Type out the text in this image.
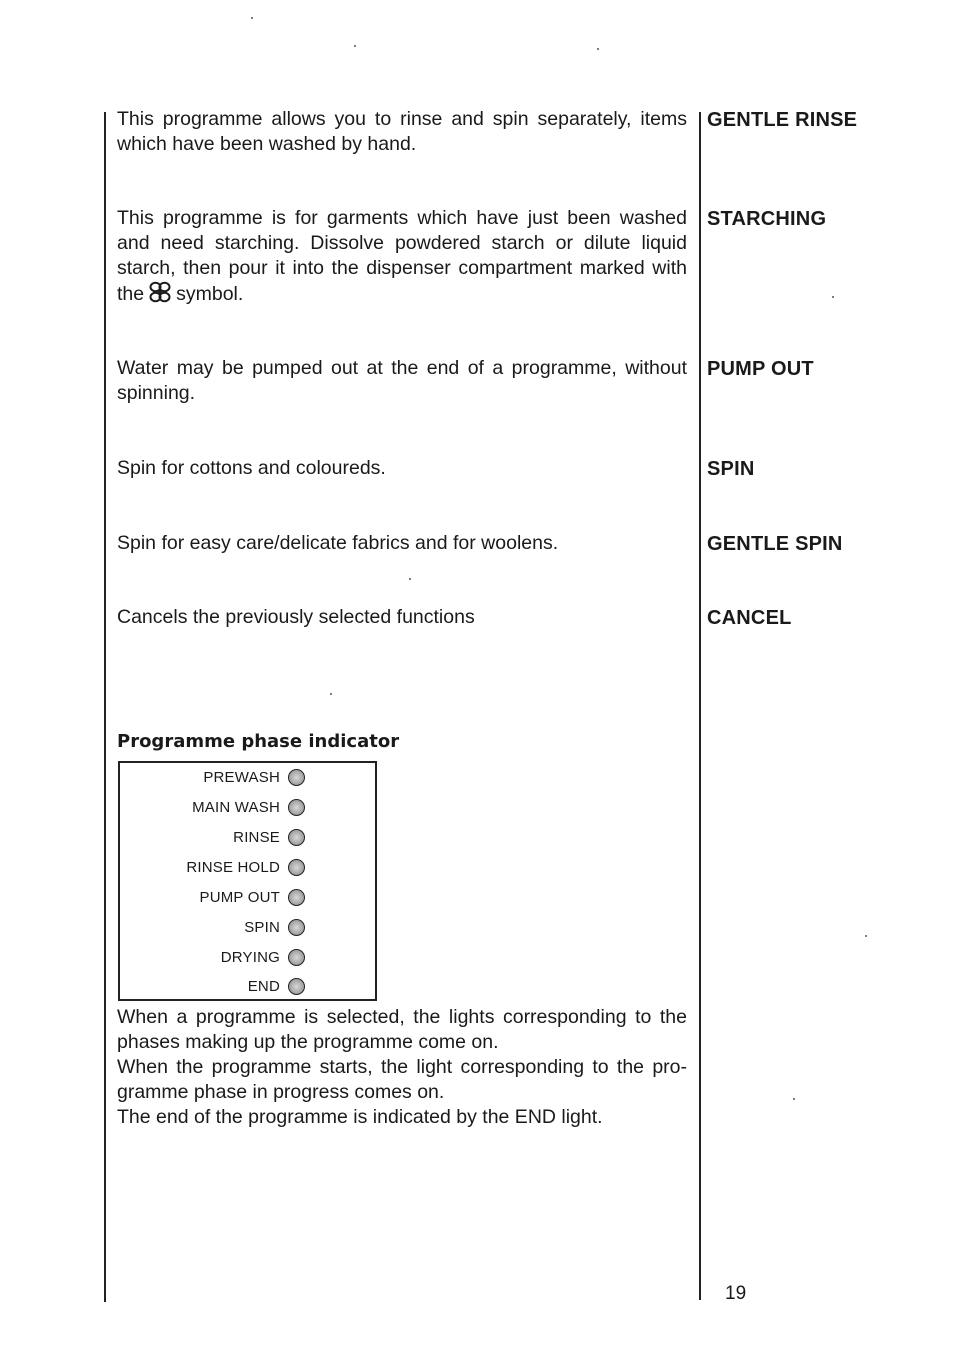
This programme allows you to rinse and spin separately, items which have been washed by hand.

This programme is for garments which have just been washed and need starching. Dissolve powdered starch or dilute liquid starch, then pour it into the dispenser compartment marked with the symbol.

Water may be pumped out at the end of a programme, without spinning.

Spin for cottons and coloureds.

Spin for easy care/delicate fabrics and for woolens.

Cancels the previously selected functions

GENTLE RINSE
STARCHING
PUMP OUT
SPIN
GENTLE SPIN
CANCEL
Programme phase indicator
PREWASH
MAIN WASH
RINSE
RINSE HOLD
PUMP OUT
SPIN
DRYING
END

When a programme is selected, the lights corresponding to the phases making up the programme come on.

When the programme starts, the light corresponding to the pro-gramme phase in progress comes on.

The end of the programme is indicated by the END light.

19
